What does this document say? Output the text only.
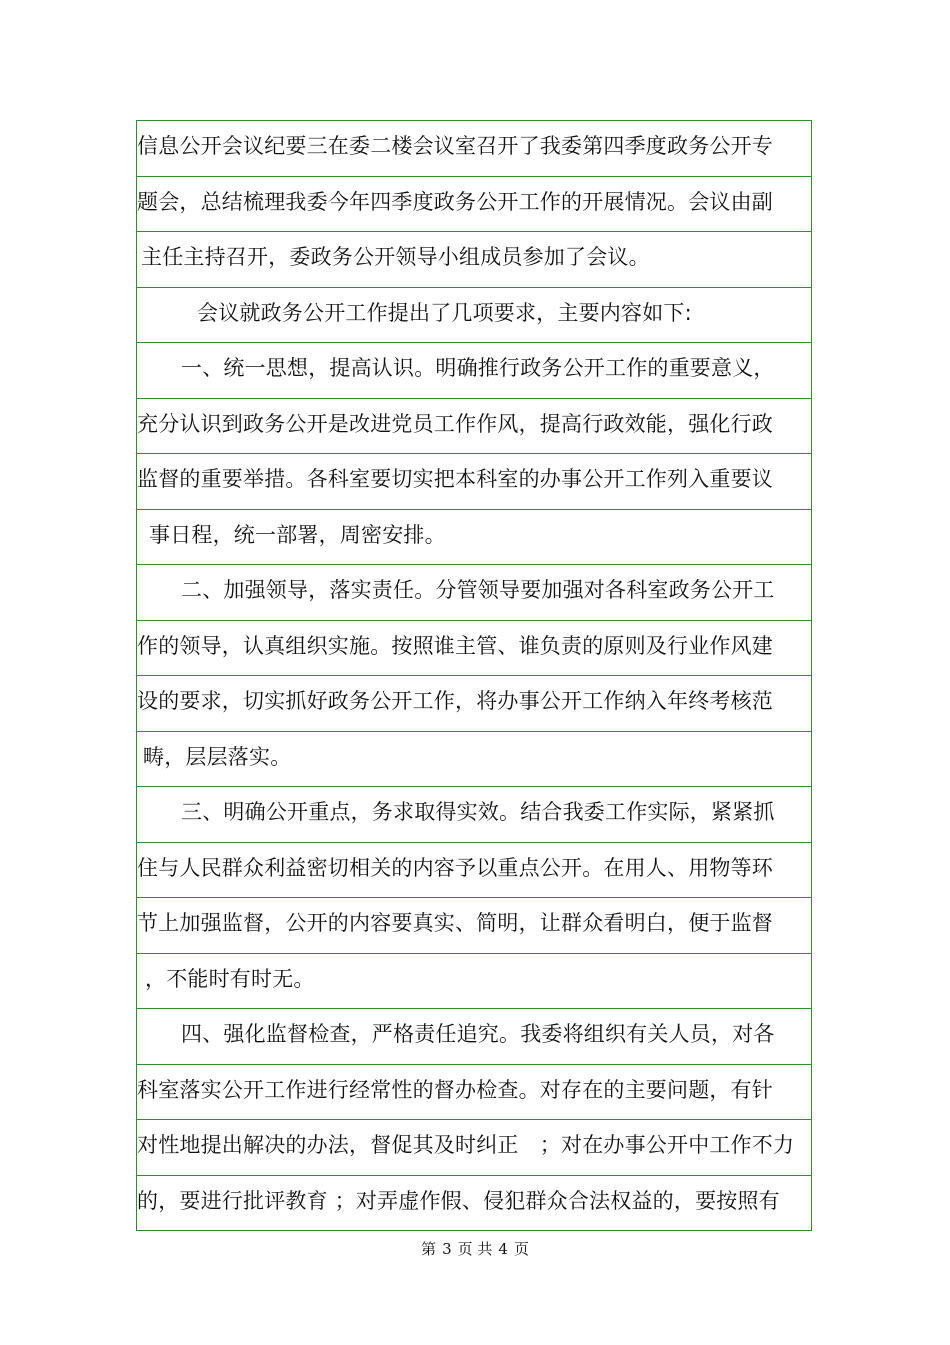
信息公开会议纪要三在委二楼会议室召开了我委第四季度政务公开专
题会，总结梳理我委今年四季度政务公开工作的开展情况。会议由副
主任主持召开，委政务公开领导小组成员参加了会议。
会议就政务公开工作提出了几项要求，主要内容如下:
一、统一思想，提高认识。明确推行政务公开工作的重要意义，
充分认识到政务公开是改进党员工作作风，提高行政效能，强化行政
监督的重要举措。各科室要切实把本科室的办事公开工作列入重要议
事日程，统一部署，周密安排。
二、加强领导，落实责任。分管领导要加强对各科室政务公开工
作的领导，认真组织实施。按照谁主管、谁负责的原则及行业作风建
设的要求，切实抓好政务公开工作，将办事公开工作纳入年终考核范
畴，层层落实。
三、明确公开重点，务求取得实效。结合我委工作实际，紧紧抓
住与人民群众利益密切相关的内容予以重点公开。在用人、用物等环
节上加强监督，公开的内容要真实、简明，让群众看明白，便于监督
，不能时有时无。
四、强化监督检查，严格责任追究。我委将组织有关人员，对各
科室落实公开工作进行经常性的督办检查。对存在的主要问题，有针
对性地提出解决的办法，督促其及时纠正　；对在办事公开中工作不力
的，要进行批评教育 ；对弄虚作假、侵犯群众合法权益的，要按照有
第 3 页 共 4 页
